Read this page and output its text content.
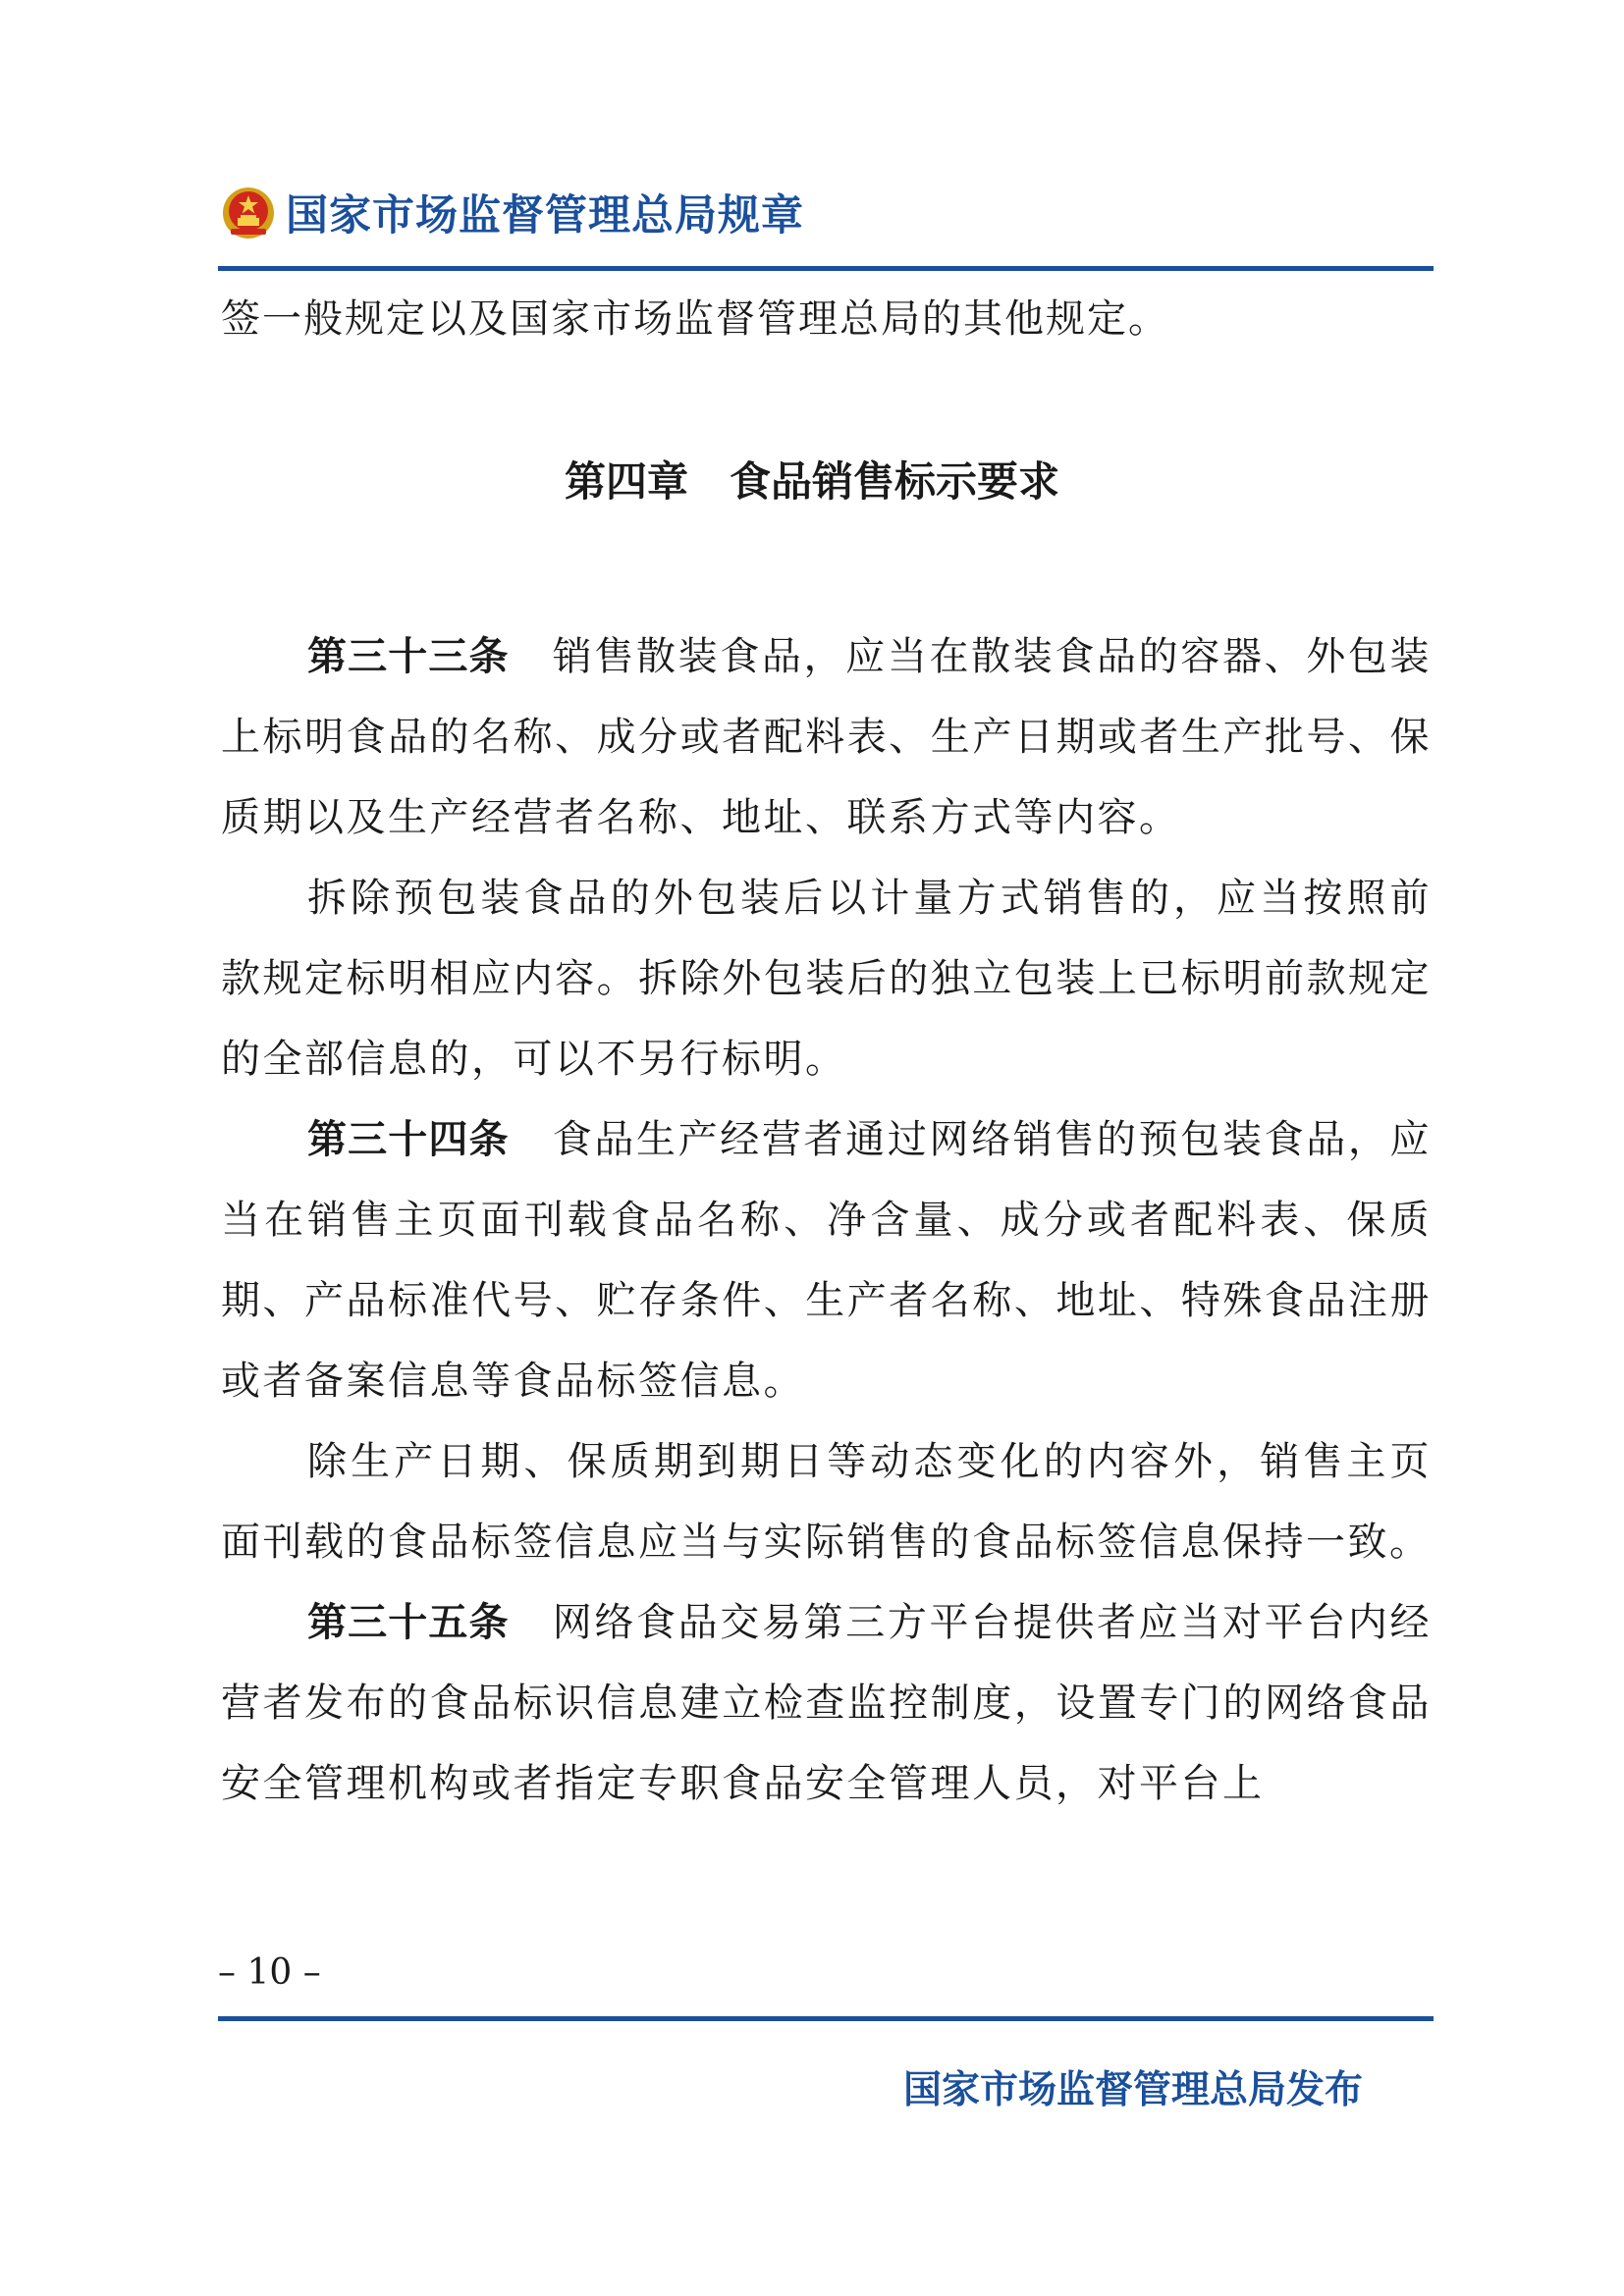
国家市场监督管理总局规章
签一般规定以及国家市场监督管理总局的其他规定。
第四章　食品销售标示要求

第三十三条 销售散装食品，应当在散装食品的容器、外包装上标明食品的名称、成分或者配料表、生产日期或者生产批号、保质期以及生产经营者名称、地址、联系方式等内容。

拆除预包装食品的外包装后以计量方式销售的，应当按照前款规定标明相应内容。拆除外包装后的独立包装上已标明前款规定的全部信息的，可以不另行标明。

第三十四条 食品生产经营者通过网络销售的预包装食品，应当在销售主页面刊载食品名称、净含量、成分或者配料表、保质期、产品标准代号、贮存条件、生产者名称、地址、特殊食品注册或者备案信息等食品标签信息。

除生产日期、保质期到期日等动态变化的内容外，销售主页面刊载的食品标签信息应当与实际销售的食品标签信息保持一致。

第三十五条 网络食品交易第三方平台提供者应当对平台内经营者发布的食品标识信息建立检查监控制度，设置专门的网络食品安全管理机构或者指定专职食品安全管理人员，对平台上

– 10 –
国家市场监督管理总局发布
